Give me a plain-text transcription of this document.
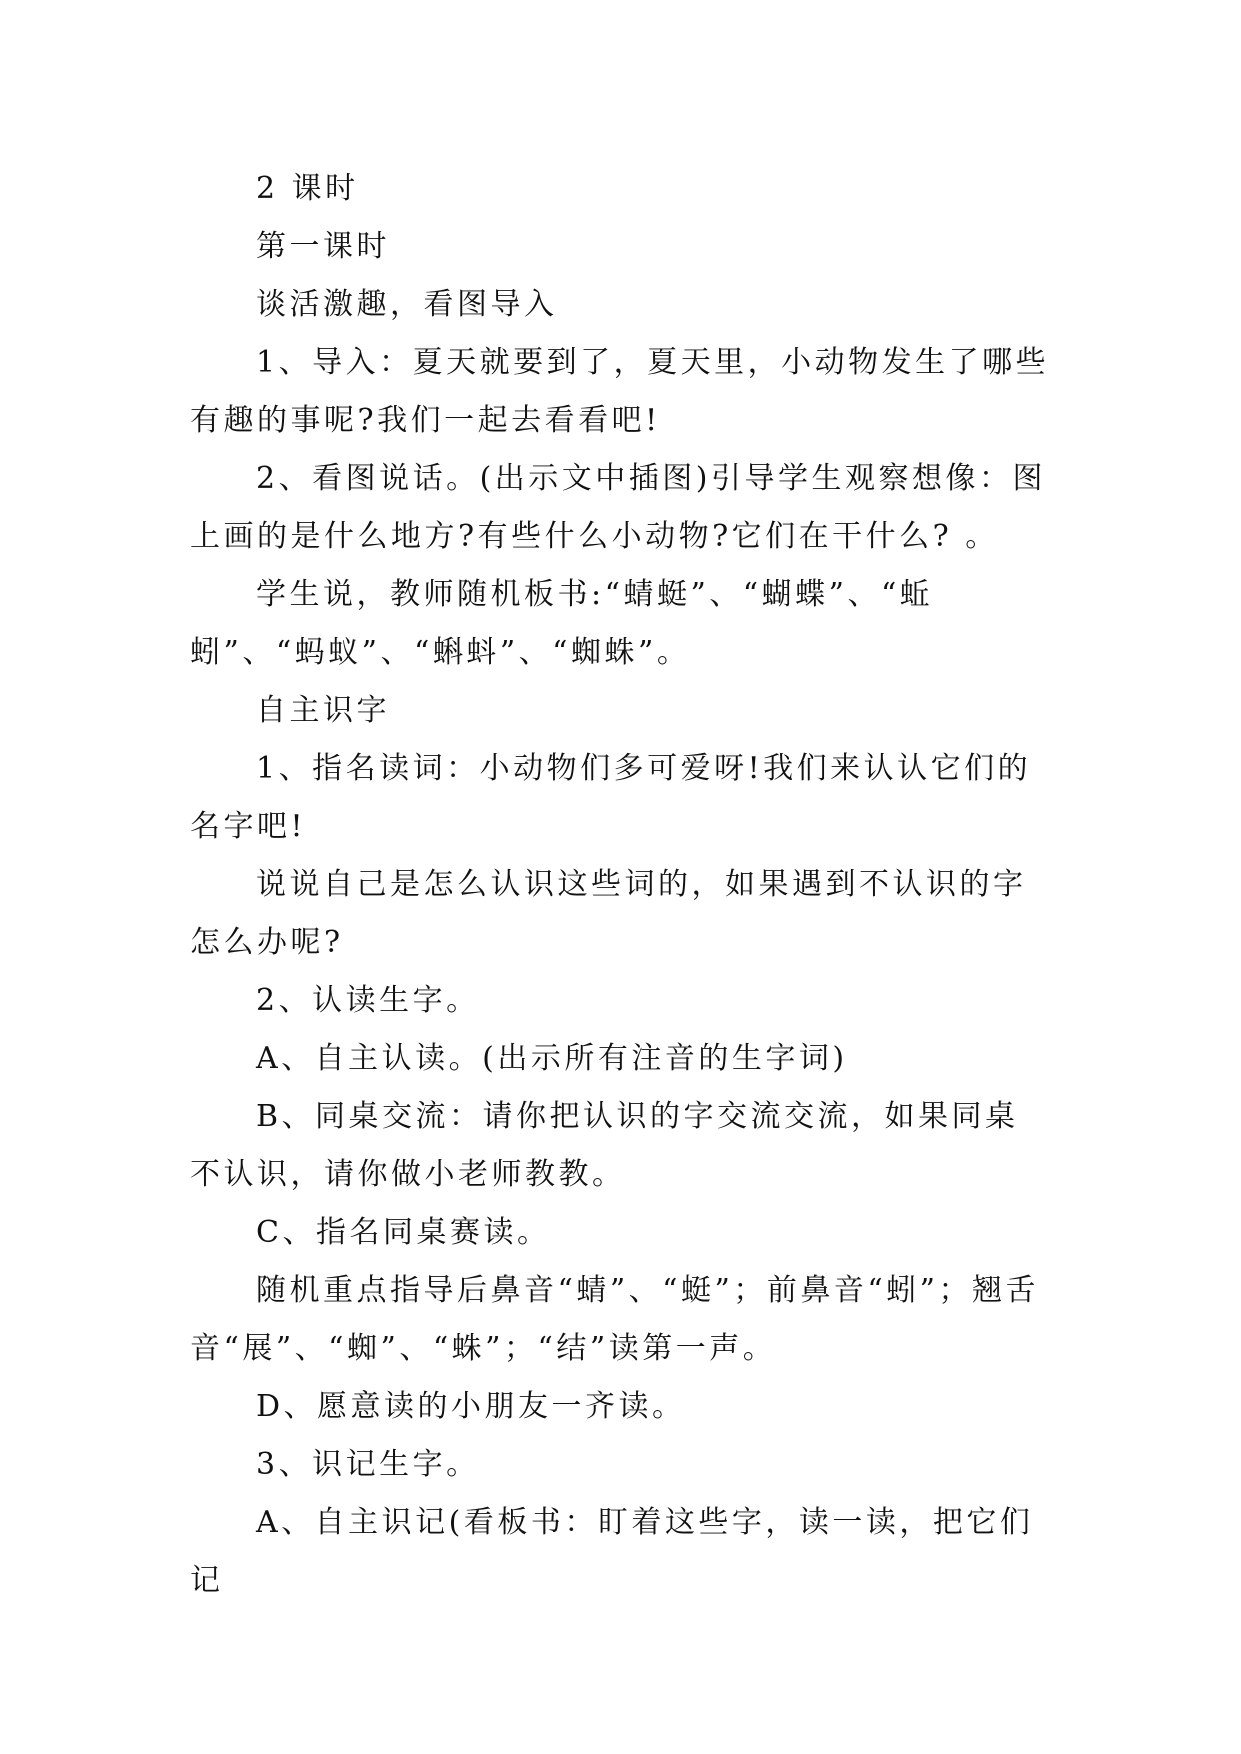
2 课时

第一课时

谈活激趣，看图导入

1、导入：夏天就要到了，夏天里，小动物发生了哪些有趣的事呢?我们一起去看看吧!

2、看图说话。(出示文中插图)引导学生观察想像：图上画的是什么地方?有些什么小动物?它们在干什么? 。

学生说，教师随机板书:“蜻蜓”、“蝴蝶”、“蚯蚓”、“蚂蚁”、“蝌蚪”、“蜘蛛”。

自主识字

1、指名读词：小动物们多可爱呀!我们来认认它们的名字吧!

说说自己是怎么认识这些词的，如果遇到不认识的字怎么办呢?

2、认读生字。

A、自主认读。(出示所有注音的生字词)

B、同桌交流：请你把认识的字交流交流，如果同桌不认识，请你做小老师教教。

C、指名同桌赛读。

随机重点指导后鼻音“蜻”、“蜓”；前鼻音“蚓”；翘舌音“展”、“蜘”、“蛛”；“结”读第一声。

D、愿意读的小朋友一齐读。

3、识记生字。

A、自主识记(看板书：盯着这些字，读一读，把它们记
